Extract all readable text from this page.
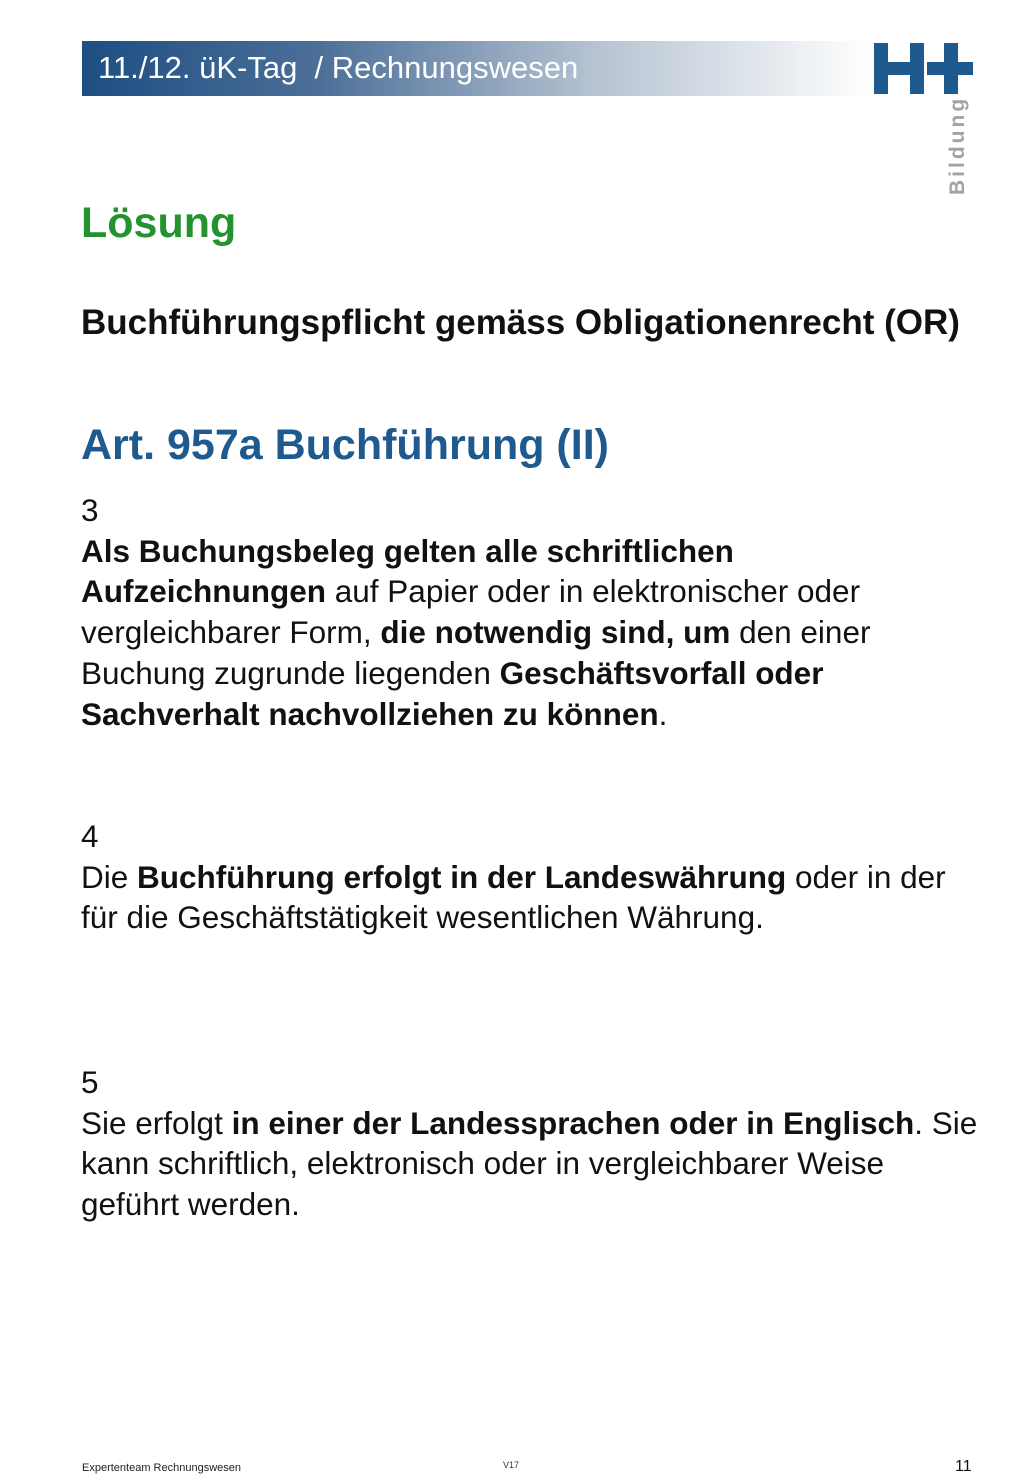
11./12. üK-Tag  / Rechnungswesen
Bildung
Lösung
Buchführungspflicht gemäss Obligationenrecht (OR)
Art. 957a Buchführung (II)
3
Als Buchungsbeleg gelten alle schriftlichen Aufzeichnungen auf Papier oder in elektronischer oder vergleichbarer Form, die notwendig sind, um den einer Buchung zugrunde liegenden Geschäftsvorfall oder Sachverhalt nachvollziehen zu können.
4
Die Buchführung erfolgt in der Landeswährung oder in der für die Geschäftstätigkeit wesentlichen Währung.
5
Sie erfolgt in einer der Landessprachen oder in Englisch. Sie kann schriftlich, elektronisch oder in vergleichbarer Weise geführt werden.
Expertenteam Rechnungswesen	V17	11
